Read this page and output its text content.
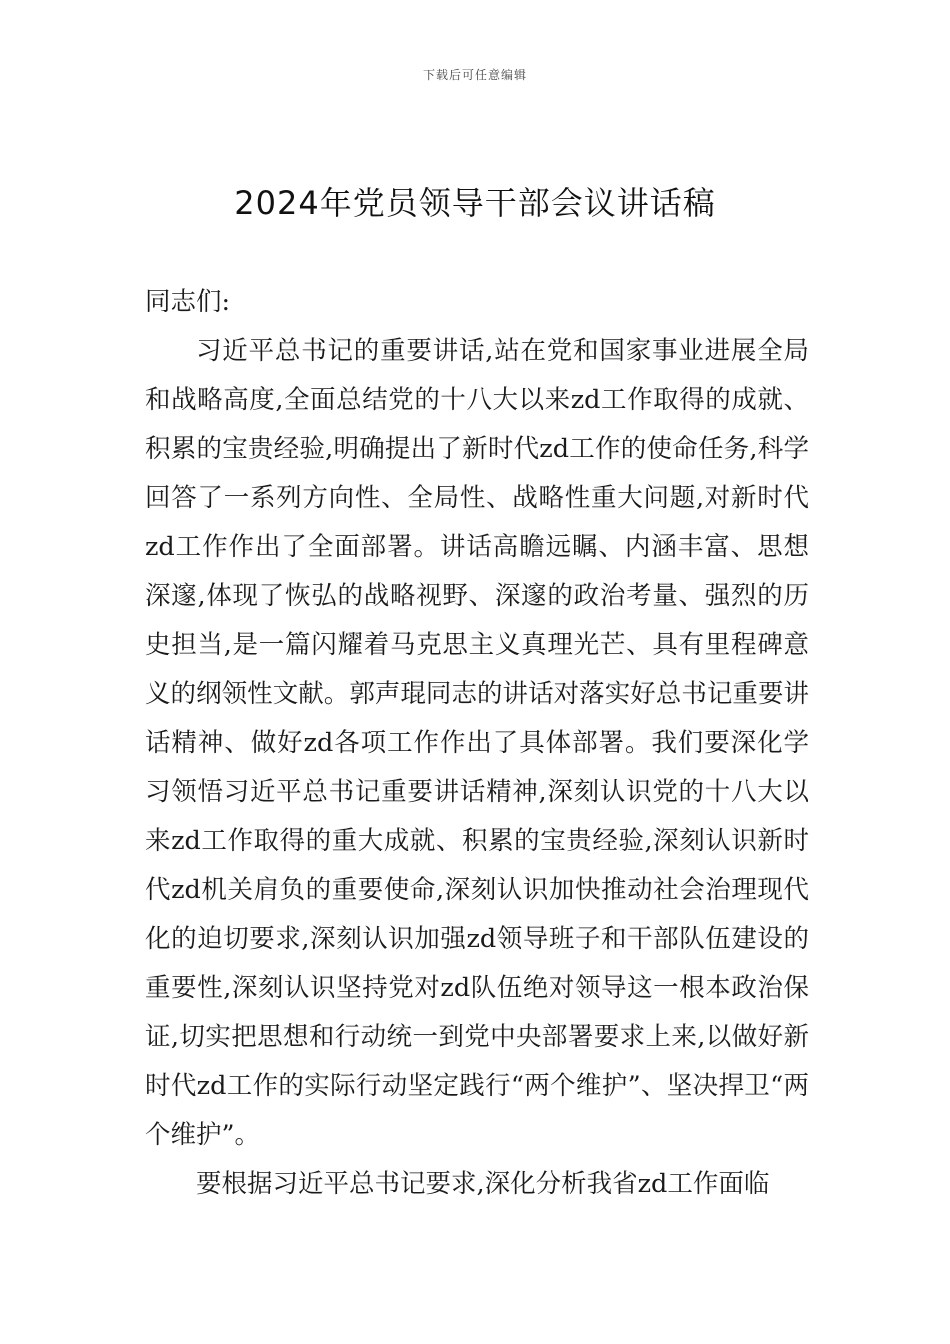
下载后可任意编辑
2024年党员领导干部会议讲话稿

同志们:

习近平总书记的重要讲话,站在党和国家事业进展全局和战略高度,全面总结党的十八大以来zd工作取得的成就、积累的宝贵经验,明确提出了新时代zd工作的使命任务,科学回答了一系列方向性、全局性、战略性重大问题,对新时代zd工作作出了全面部署。讲话高瞻远瞩、内涵丰富、思想深邃,体现了恢弘的战略视野、深邃的政治考量、强烈的历史担当,是一篇闪耀着马克思主义真理光芒、具有里程碑意义的纲领性文献。郭声琨同志的讲话对落实好总书记重要讲话精神、做好zd各项工作作出了具体部署。我们要深化学习领悟习近平总书记重要讲话精神,深刻认识党的十八大以来zd工作取得的重大成就、积累的宝贵经验,深刻认识新时代zd机关肩负的重要使命,深刻认识加快推动社会治理现代化的迫切要求,深刻认识加强zd领导班子和干部队伍建设的重要性,深刻认识坚持党对zd队伍绝对领导这一根本政治保证,切实把思想和行动统一到党中央部署要求上来,以做好新时代zd工作的实际行动坚定践行“两个维护”、坚决捍卫“两个维护”。

要根据习近平总书记要求,深化分析我省zd工作面临
